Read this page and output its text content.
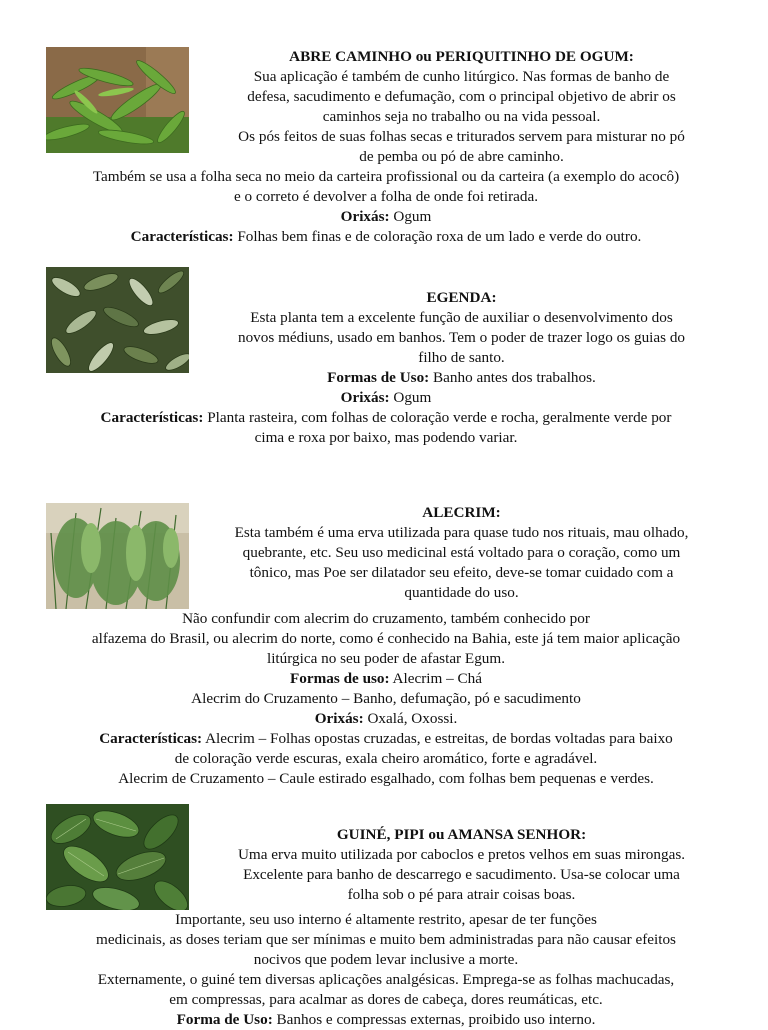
ABRE CAMINHO ou PERIQUITINHO DE OGUM:

Sua aplicação é também de cunho litúrgico. Nas formas de banho de

defesa, sacudimento e defumação, com o principal objetivo de abrir os

caminhos seja no trabalho ou na vida pessoal.

Os pós feitos de suas folhas secas e triturados servem para misturar no pó

de pemba ou pó de abre caminho.

Também se usa a folha seca no meio da carteira profissional ou da carteira (a exemplo do acocô)

e o correto é devolver a folha de onde foi retirada.

Orixás: Ogum

Características: Folhas bem finas e de coloração roxa de um lado e verde do outro.

EGENDA:

Esta planta tem a excelente função de auxiliar o desenvolvimento dos

novos médiuns, usado em banhos. Tem o poder de trazer logo os guias do

filho de santo.

Formas de Uso: Banho antes dos trabalhos.

Orixás: Ogum

Características: Planta rasteira, com folhas de coloração verde e rocha, geralmente verde por

cima e roxa por baixo, mas podendo variar.

ALECRIM:

Esta também é uma erva utilizada para quase tudo nos rituais, mau olhado,

quebrante, etc. Seu uso medicinal está voltado para o coração, como um

tônico, mas Poe ser dilatador seu efeito, deve-se tomar cuidado com a

quantidade do uso.

Não confundir com alecrim do cruzamento, também conhecido por

alfazema do Brasil, ou alecrim do norte, como é conhecido na Bahia, este já tem maior aplicação

litúrgica no seu poder de afastar Egum.

Formas de uso: Alecrim – Chá

Alecrim do Cruzamento – Banho, defumação, pó e sacudimento

Orixás: Oxalá, Oxossi.

Características: Alecrim – Folhas opostas cruzadas, e estreitas, de bordas voltadas para baixo

de coloração verde escuras, exala cheiro aromático, forte e agradável.

Alecrim de Cruzamento – Caule estirado esgalhado, com folhas bem pequenas e verdes.

GUINÉ, PIPI ou AMANSA SENHOR:

Uma erva muito utilizada por caboclos e pretos velhos em suas mirongas.

Excelente para banho de descarrego e sacudimento. Usa-se colocar uma

folha sob o pé para atrair coisas boas.

Importante, seu uso interno é altamente restrito, apesar de ter funções

medicinais, as doses teriam que ser mínimas e muito bem administradas para não causar efeitos

nocivos que podem levar inclusive a morte.

Externamente, o guiné tem diversas aplicações analgésicas. Emprega-se as folhas machucadas,

em compressas, para acalmar as dores de cabeça, dores reumáticas, etc.

Forma de Uso: Banhos e compressas externas, proibido uso interno.
